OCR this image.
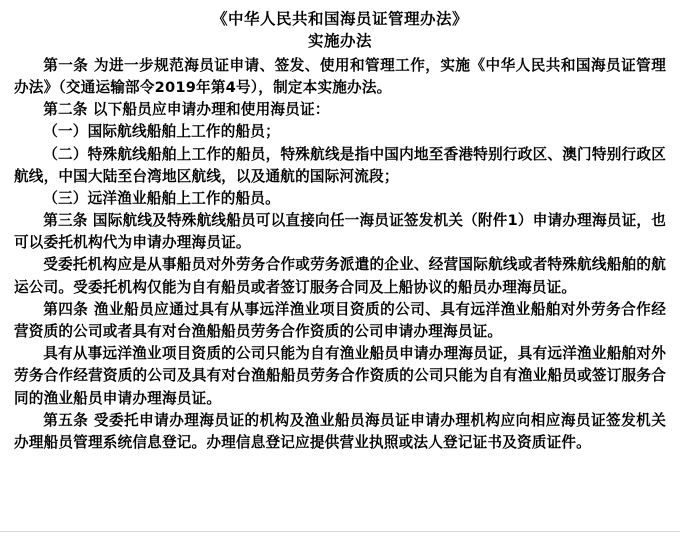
《中华人民共和国海员证管理办法》
实施办法

第一条 为进一步规范海员证申请、签发、使用和管理工作，实施《中华人民共和国海员证管理办法》（交通运输部令2019年第4号），制定本实施办法。

第二条 以下船员应申请办理和使用海员证：

（一）国际航线船舶上工作的船员；

（二）特殊航线船舶上工作的船员，特殊航线是指中国内地至香港特别行政区、澳门特别行政区航线，中国大陆至台湾地区航线，以及通航的国际河流段；

（三）远洋渔业船舶上工作的船员。

第三条 国际航线及特殊航线船员可以直接向任一海员证签发机关（附件1）申请办理海员证，也可以委托机构代为申请办理海员证。

受委托机构应是从事船员对外劳务合作或劳务派遣的企业、经营国际航线或者特殊航线船舶的航运公司。受委托机构仅能为自有船员或者签订服务合同及上船协议的船员办理海员证。

第四条 渔业船员应通过具有从事远洋渔业项目资质的公司、具有远洋渔业船舶对外劳务合作经营资质的公司或者具有对台渔船船员劳务合作资质的公司申请办理海员证。

具有从事远洋渔业项目资质的公司只能为自有渔业船员申请办理海员证，具有远洋渔业船舶对外劳务合作经营资质的公司及具有对台渔船船员劳务合作资质的公司只能为自有渔业船员或签订服务合同的渔业船员申请办理海员证。

第五条 受委托申请办理海员证的机构及渔业船员海员证申请办理机构应向相应海员证签发机关办理船员管理系统信息登记。办理信息登记应提供营业执照或法人登记证书及资质证件。
